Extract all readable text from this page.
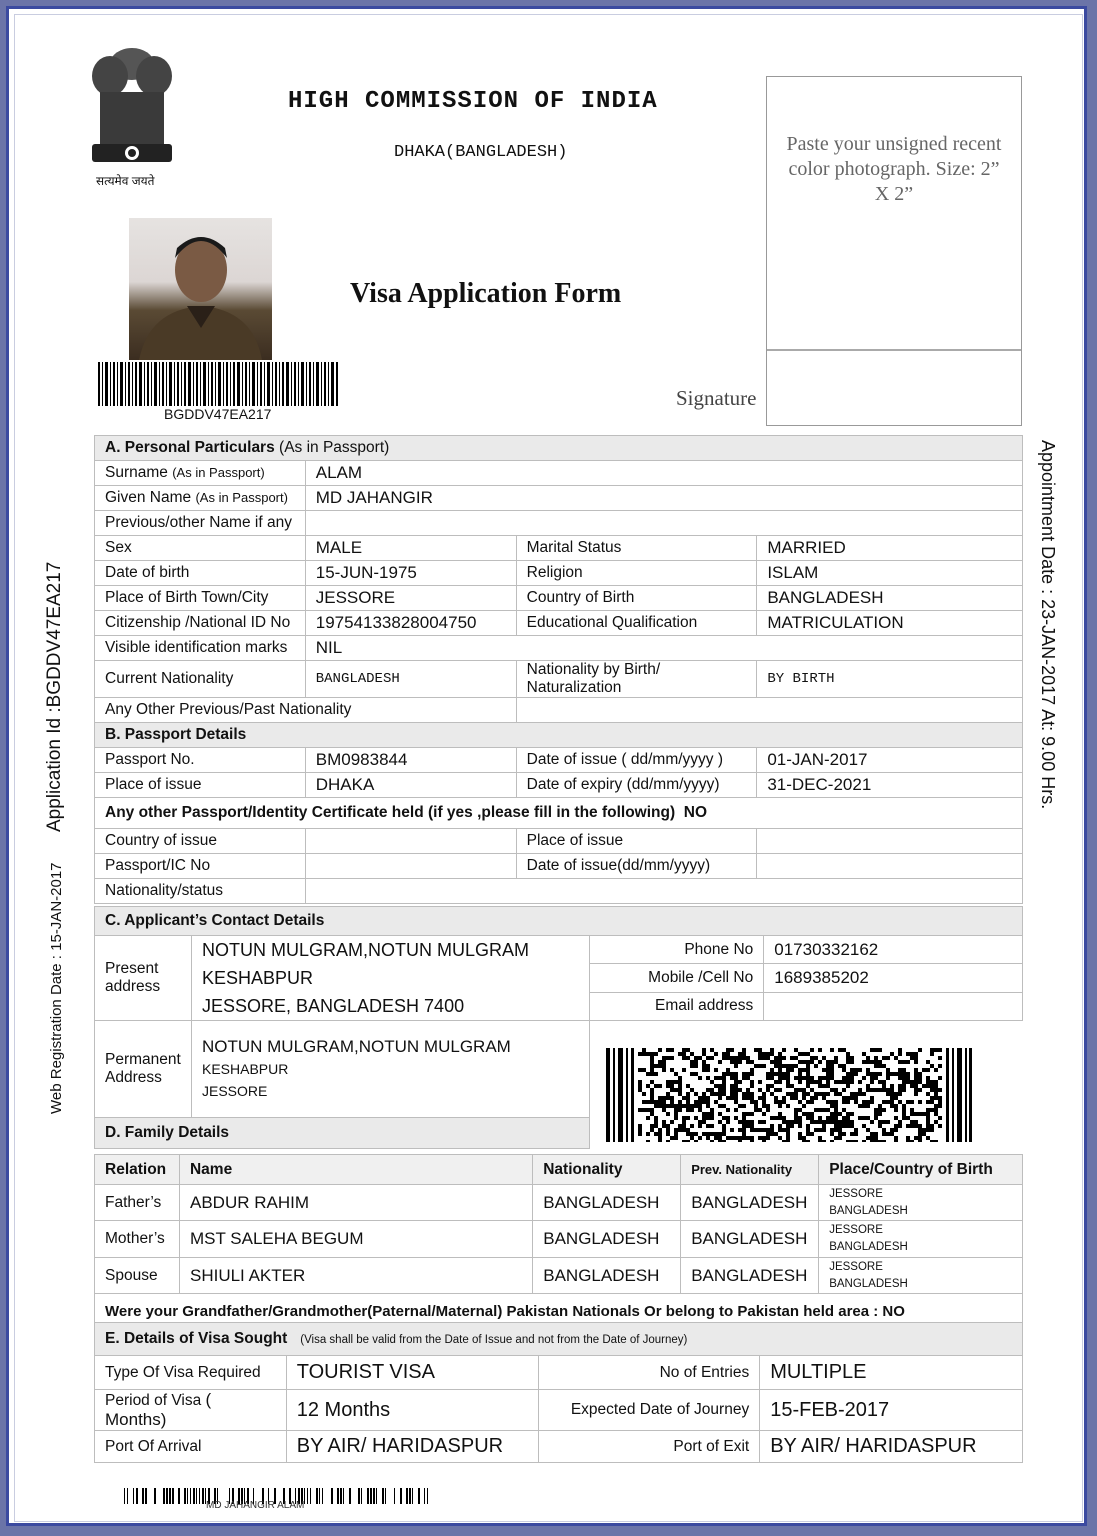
सत्यमेव जयते
HIGH COMMISSION OF INDIA
DHAKA(BANGLADESH)
Visa Application Form
Paste your unsigned recent color photograph. Size: 2” X 2”
Signature
BGDDV47EA217
Application Id :BGDDV47EA217
Web Registration Date : 15-JAN-2017
Appointment Date : 23-JAN-2017 At: 9.00 Hrs.
A. Personal Particulars (As in Passport)			
Surname (As in Passport)	ALAM		
Given Name (As in Passport)	MD JAHANGIR		
Previous/other Name if any			
Sex	MALE	Marital Status	MARRIED
Date of birth	15-JUN-1975	Religion	ISLAM
Place of Birth Town/City	JESSORE	Country of Birth	BANGLADESH
Citizenship /National ID No	19754133828004750	Educational Qualification	MATRICULATION
Visible identification marks	NIL		
Current Nationality	BANGLADESH	Nationality by Birth/ Naturalization	BY BIRTH
Any Other Previous/Past Nationality			
B. Passport Details			
Passport No.	BM0983844	Date of issue ( dd/mm/yyyy )	01-JAN-2017
Place of issue	DHAKA	Date of expiry (dd/mm/yyyy)	31-DEC-2021
Any other Passport/Identity Certificate held (if yes ,please fill in the following) NO			
Country of issue		Place of issue	
Passport/IC No		Date of issue(dd/mm/yyyy)	
Nationality/status			
C. Applicant’s Contact Details			
Present address	NOTUN MULGRAM,NOTUN MULGRAM
KESHABPUR
JESSORE, BANGLADESH 7400	Phone No	01730332162
		Mobile /Cell No	1689385202
		Email address	
Permanent Address	NOTUN MULGRAM,NOTUN MULGRAM
KESHABPUR
JESSORE		

D. Family Details			
Relation	Name	Nationality	Prev. Nationality	Place/Country of Birth
Father’s	ABDUR RAHIM	BANGLADESH	BANGLADESH	JESSORE
BANGLADESH

Mother’s	MST SALEHA BEGUM	BANGLADESH	BANGLADESH	JESSORE
BANGLADESH

Spouse	SHIULI AKTER	BANGLADESH	BANGLADESH	JESSORE
BANGLADESH

Were your Grandfather/Grandmother(Paternal/Maternal) Pakistan Nationals Or belong to Pakistan held area : NO				
E. Details of Visa Sought (Visa shall be valid from the Date of Issue and not from the Date of Journey)			
Type Of Visa Required	TOURIST VISA	No of Entries	MULTIPLE
Period of Visa ( Months)	12 Months	Expected Date of Journey	15-FEB-2017
Port Of Arrival	BY AIR/ HARIDASPUR	Port of Exit	BY AIR/ HARIDASPUR
MD JAHANGIR ALAM
